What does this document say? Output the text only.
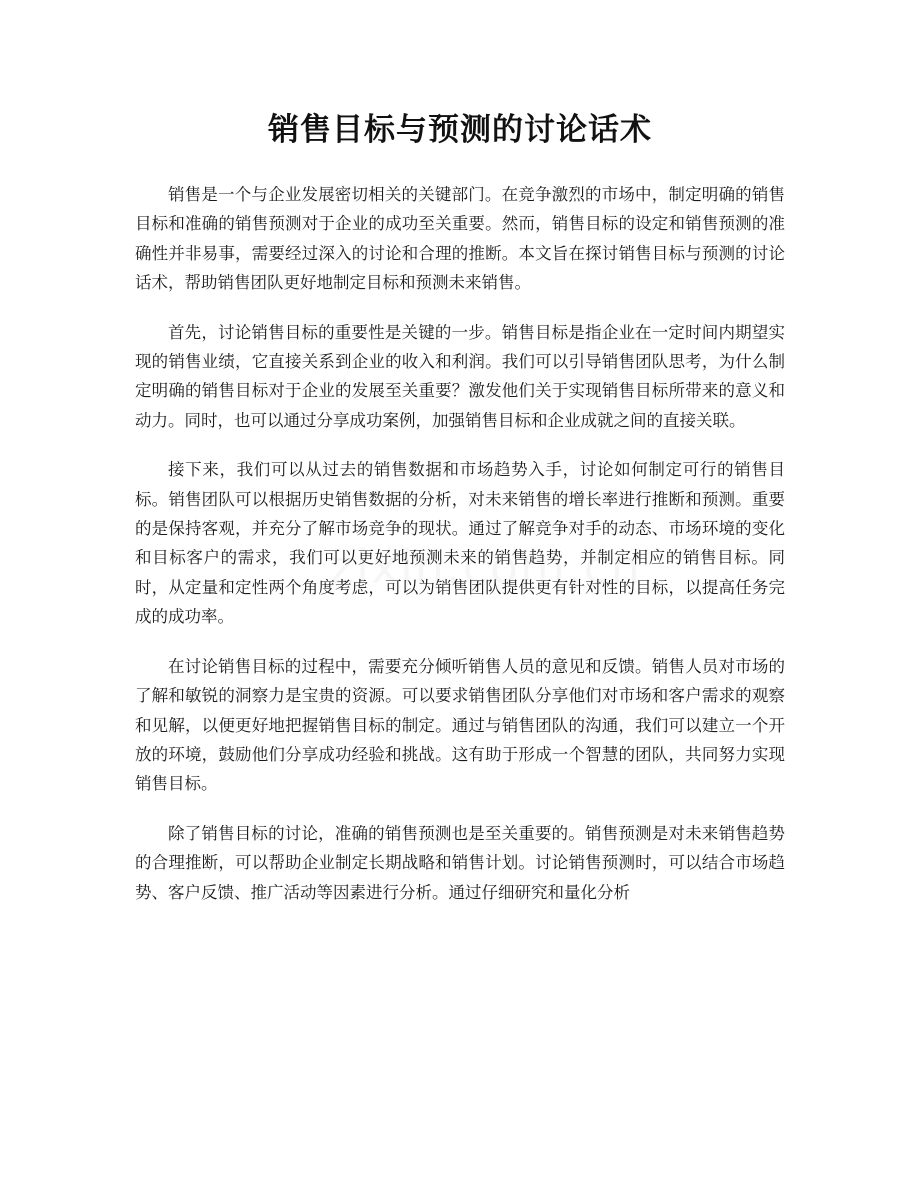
销售目标与预测的讨论话术

销售是一个与企业发展密切相关的关键部门。在竞争激烈的市场中，制定明确的销售目标和准确的销售预测对于企业的成功至关重要。然而，销售目标的设定和销售预测的准确性并非易事，需要经过深入的讨论和合理的推断。本文旨在探讨销售目标与预测的讨论话术，帮助销售团队更好地制定目标和预测未来销售。

首先，讨论销售目标的重要性是关键的一步。销售目标是指企业在一定时间内期望实现的销售业绩，它直接关系到企业的收入和利润。我们可以引导销售团队思考，为什么制定明确的销售目标对于企业的发展至关重要？激发他们关于实现销售目标所带来的意义和动力。同时，也可以通过分享成功案例，加强销售目标和企业成就之间的直接关联。

接下来，我们可以从过去的销售数据和市场趋势入手，讨论如何制定可行的销售目标。销售团队可以根据历史销售数据的分析，对未来销售的增长率进行推断和预测。重要的是保持客观，并充分了解市场竞争的现状。通过了解竞争对手的动态、市场环境的变化和目标客户的需求，我们可以更好地预测未来的销售趋势，并制定相应的销售目标。同时，从定量和定性两个角度考虑，可以为销售团队提供更有针对性的目标，以提高任务完成的成功率。

在讨论销售目标的过程中，需要充分倾听销售人员的意见和反馈。销售人员对市场的了解和敏锐的洞察力是宝贵的资源。可以要求销售团队分享他们对市场和客户需求的观察和见解，以便更好地把握销售目标的制定。通过与销售团队的沟通，我们可以建立一个开放的环境，鼓励他们分享成功经验和挑战。这有助于形成一个智慧的团队，共同努力实现销售目标。

除了销售目标的讨论，准确的销售预测也是至关重要的。销售预测是对未来销售趋势的合理推断，可以帮助企业制定长期战略和销售计划。讨论销售预测时，可以结合市场趋势、客户反馈、推广活动等因素进行分析。通过仔细研究和量化分析
